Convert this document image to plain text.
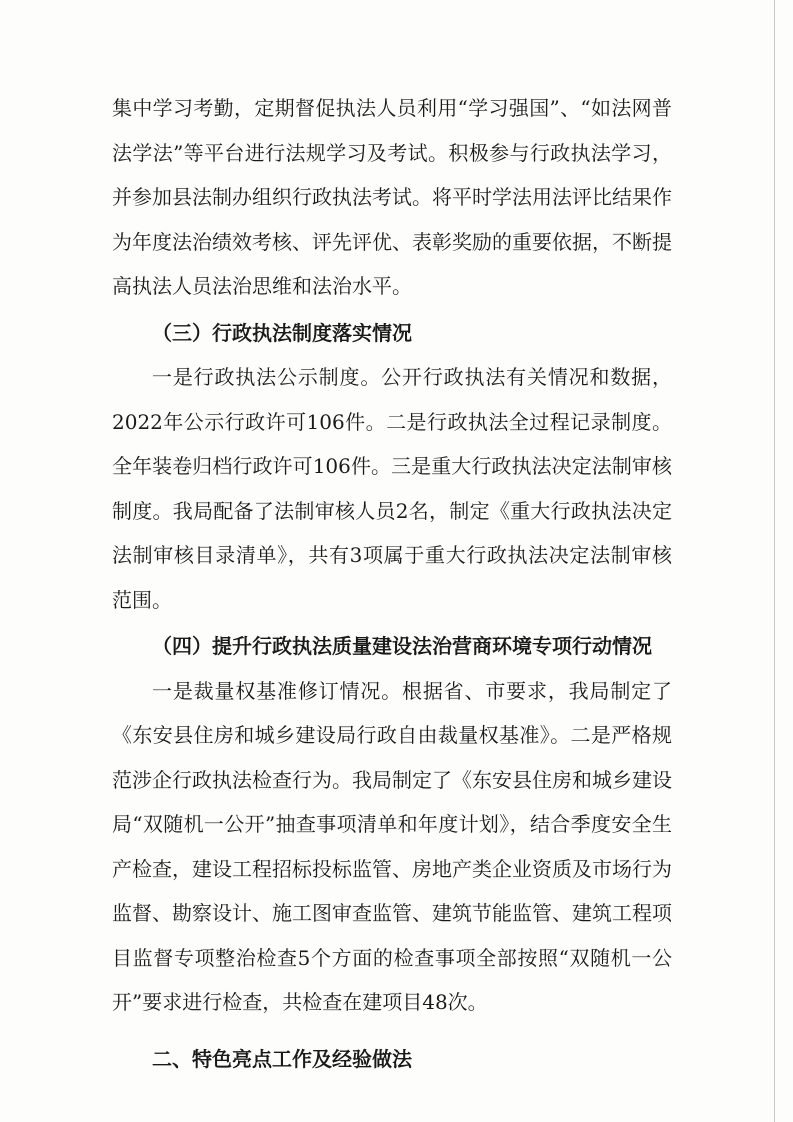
集中学习考勤，定期督促执法人员利用“学习强国”、“如法网普法学法”等平台进行法规学习及考试。积极参与行政执法学习，并参加县法制办组织行政执法考试。将平时学法用法评比结果作为年度法治绩效考核、评先评优、表彰奖励的重要依据，不断提高执法人员法治思维和法治水平。

（三）行政执法制度落实情况

一是行政执法公示制度。公开行政执法有关情况和数据，2022年公示行政许可106件。二是行政执法全过程记录制度。全年装卷归档行政许可106件。三是重大行政执法决定法制审核制度。我局配备了法制审核人员2名，制定《重大行政执法决定法制审核目录清单》，共有3项属于重大行政执法决定法制审核范围。

（四）提升行政执法质量建设法治营商环境专项行动情况

一是裁量权基准修订情况。根据省、市要求，我局制定了《东安县住房和城乡建设局行政自由裁量权基准》。二是严格规范涉企行政执法检查行为。我局制定了《东安县住房和城乡建设局“双随机一公开”抽查事项清单和年度计划》，结合季度安全生产检查，建设工程招标投标监管、房地产类企业资质及市场行为监督、勘察设计、施工图审查监管、建筑节能监管、建筑工程项目监督专项整治检查5个方面的检查事项全部按照“双随机一公开”要求进行检查，共检查在建项目48次。

二、特色亮点工作及经验做法
